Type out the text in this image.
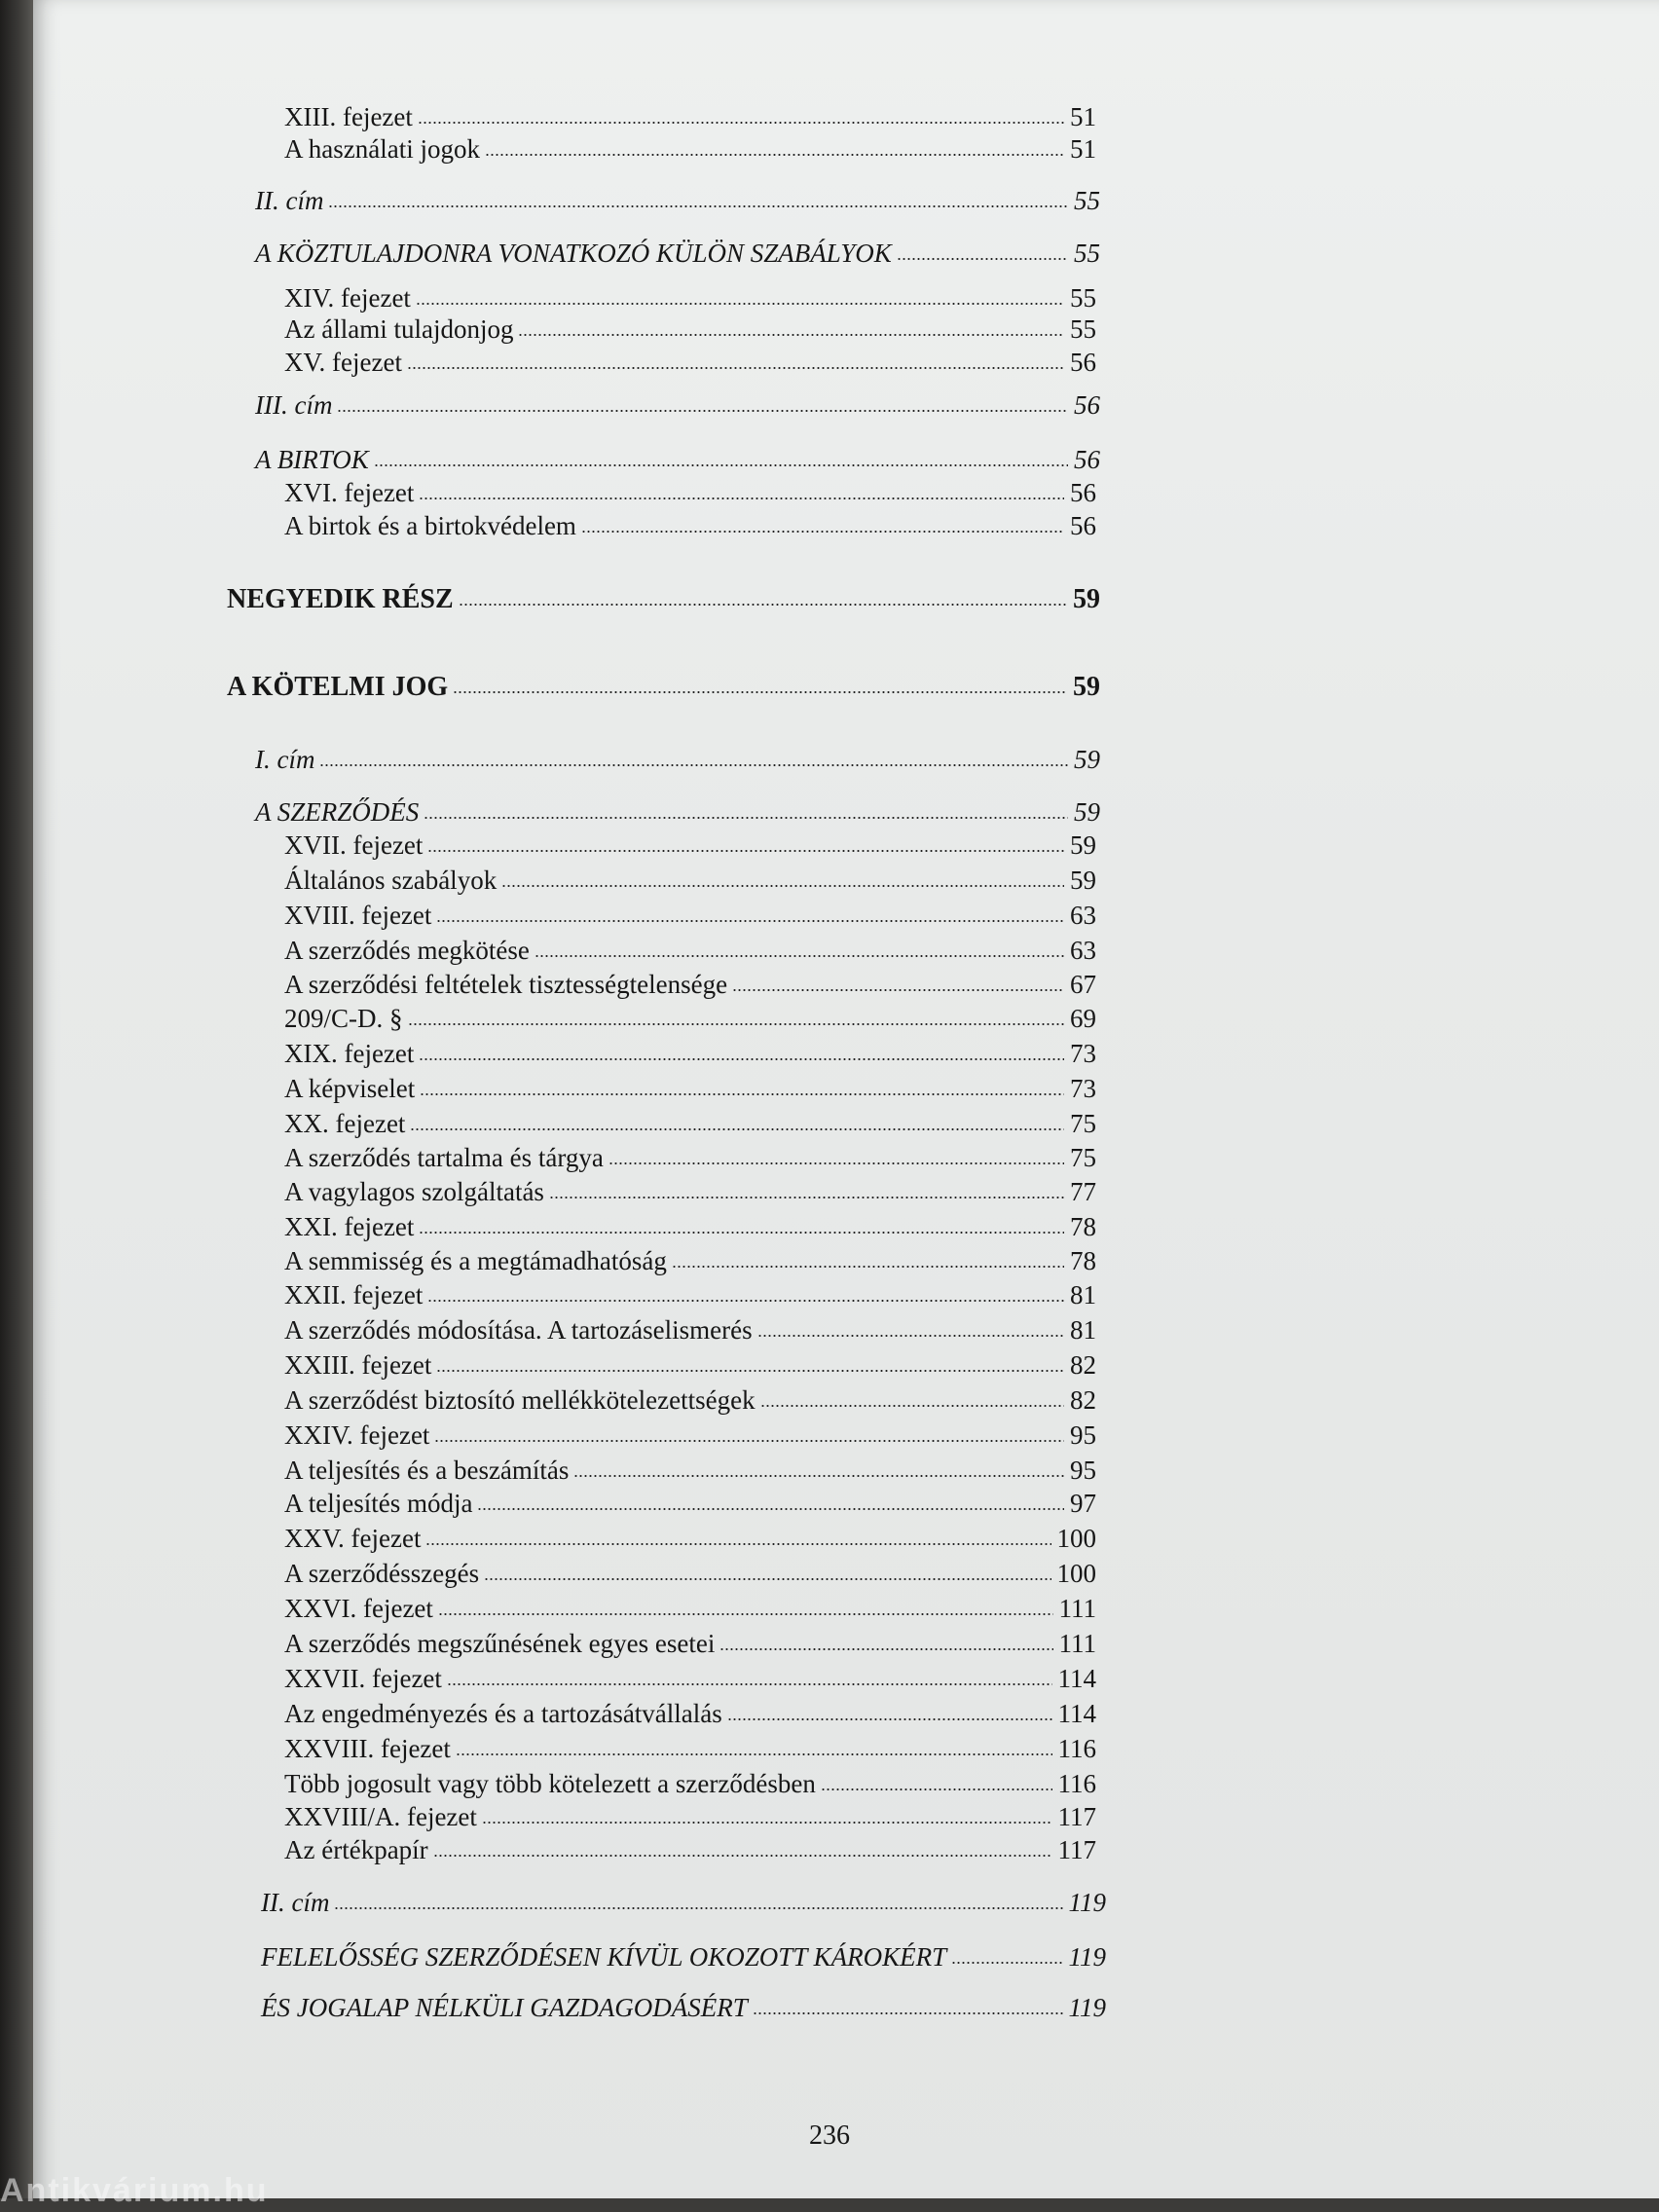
XIII. fejezet	51
A használati jogok	51
II. cím	55
A KÖZTULAJDONRA VONATKOZÓ KÜLÖN SZABÁLYOK	55
XIV. fejezet	55
Az állami tulajdonjog	55
XV. fejezet	56
III. cím	56
A BIRTOK	56
XVI. fejezet	56
A birtok és a birtokvédelem	56
NEGYEDIK RÉSZ	59
A KÖTELMI JOG	59
I. cím	59
A SZERZŐDÉS	59
XVII. fejezet	59
Általános szabályok	59
XVIII. fejezet	63
A szerződés megkötése	63
A szerződési feltételek tisztességtelensége	67
209/C-D. §	69
XIX. fejezet	73
A képviselet	73
XX. fejezet	75
A szerződés tartalma és tárgya	75
A vagylagos szolgáltatás	77
XXI. fejezet	78
A semmisség és a megtámadhatóság	78
XXII. fejezet	81
A szerződés módosítása. A tartozáselismerés	81
XXIII. fejezet	82
A szerződést biztosító mellékkötelezettségek	82
XXIV. fejezet	95
A teljesítés és a beszámítás	95
A teljesítés módja	97
XXV. fejezet	100
A szerződésszegés	100
XXVI. fejezet	111
A szerződés megszűnésének egyes esetei	111
XXVII. fejezet	114
Az engedményezés és a tartozásátvállalás	114
XXVIII. fejezet	116
Több jogosult vagy több kötelezett a szerződésben	116
XXVIII/A. fejezet	117
Az értékpapír	117
II. cím	119
FELELŐSSÉG SZERZŐDÉSEN KÍVÜL OKOZOTT KÁROKÉRT	119
ÉS JOGALAP NÉLKÜLI GAZDAGODÁSÉRT	119
236
Antikvárium.hu
